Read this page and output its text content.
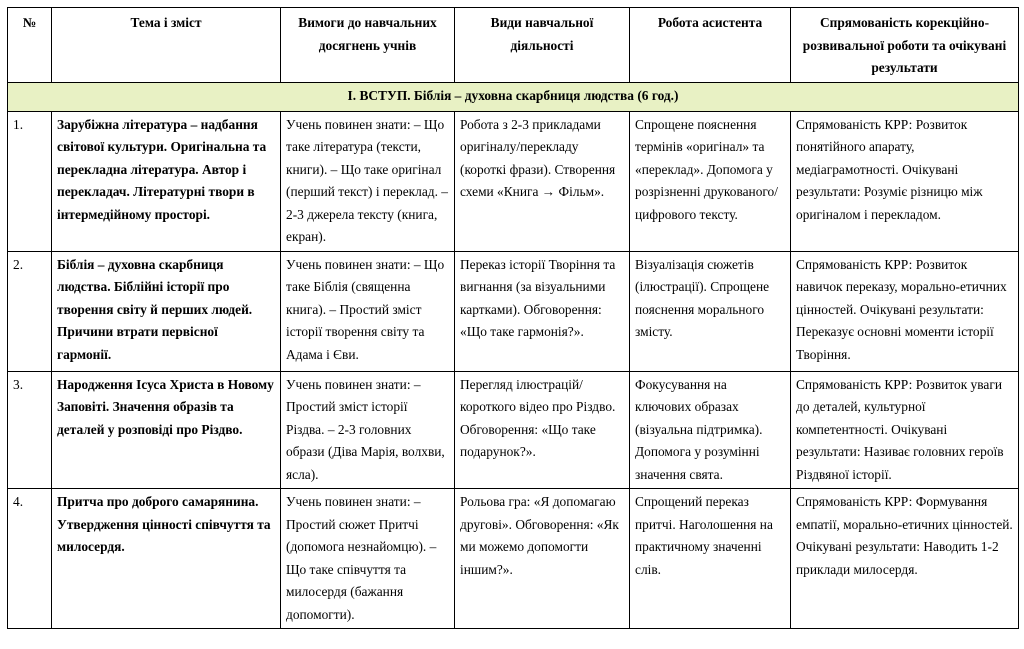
№	Тема і зміст	Вимоги до навчальних досягнень учнів	Види навчальної діяльності	Робота асистента	Спрямованість корекційно-розвивальної роботи та очікувані результати
I. ВСТУП. Біблія – духовна скарбниця людства (6 год.)					
1.	Зарубіжна література – надбання світової культури. Оригінальна та перекладна література. Автор і перекладач. Літературні твори в інтермедійному просторі.	Учень повинен знати: – Що таке література (тексти, книги). – Що таке оригінал (перший текст) і переклад. – 2-3 джерела тексту (книга, екран).	Робота з 2-3 прикладами оригіналу/перекладу (короткі фрази). Створення схеми «Книга → Фільм».	Спрощене пояснення термінів «оригінал» та «переклад». Допомога у розрізненні друкованого/цифрового тексту.	Спрямованість КРР: Розвиток понятійного апарату, медіаграмотності. Очікувані результати: Розуміє різницю між оригіналом і перекладом.
2.	Біблія – духовна скарбниця людства. Біблійні історії про творення світу й перших людей. Причини втрати первісної гармонії.	Учень повинен знати: – Що таке Біблія (священна книга). – Простий зміст історії творення світу та Адама і Єви.	Переказ історії Творіння та вигнання (за візуальними картками). Обговорення: «Що таке гармонія?».	Візуалізація сюжетів (ілюстрації). Спрощене пояснення морального змісту.	Спрямованість КРР: Розвиток навичок переказу, морально-етичних цінностей. Очікувані результати: Переказує основні моменти історії Творіння.
3.	Народження Ісуса Христа в Новому Заповіті. Значення образів та деталей у розповіді про Різдво.	Учень повинен знати: – Простий зміст історії Різдва. – 2-3 головних образи (Діва Марія, волхви, ясла).	Перегляд ілюстрацій/короткого відео про Різдво. Обговорення: «Що таке подарунок?».	Фокусування на ключових образах (візуальна підтримка). Допомога у розумінні значення свята.	Спрямованість КРР: Розвиток уваги до деталей, культурної компетентності. Очікувані результати: Називає головних героїв Різдвяної історії.
4.	Притча про доброго самарянина. Утвердження цінності співчуття та милосердя.	Учень повинен знати: – Простий сюжет Притчі (допомога незнайомцю). – Що таке співчуття та милосердя (бажання допомогти).	Рольова гра: «Я допомагаю другові». Обговорення: «Як ми можемо допомогти іншим?».	Спрощений переказ притчі. Наголошення на практичному значенні слів.	Спрямованість КРР: Формування емпатії, морально-етичних цінностей. Очікувані результати: Наводить 1-2 приклади милосердя.
